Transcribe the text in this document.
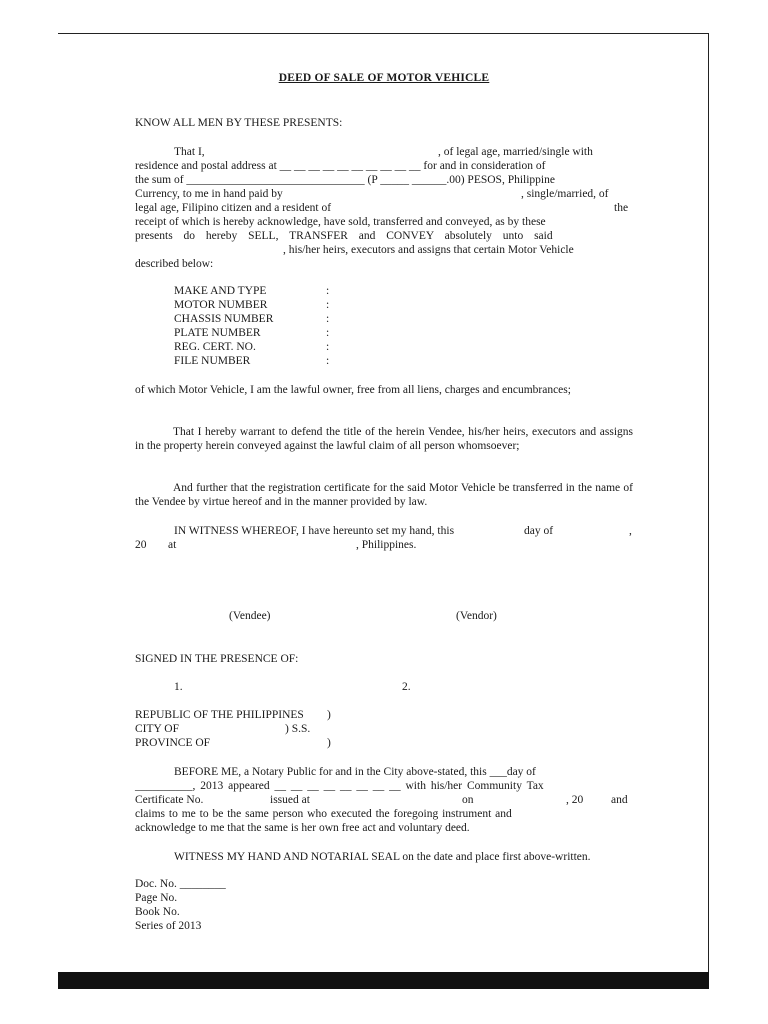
DEED OF SALE OF MOTOR VEHICLE
KNOW ALL MEN BY THESE PRESENTS:
That I,	, of legal age, married/single with
residence and postal address at __ __ __ __ __ __ __ __ __ __ for and in consideration of
the sum of _______________________________ (P _____ ______.00) PESOS, Philippine
Currency, to me in hand paid by	, single/married, of
legal age, Filipino citizen and a resident of	the
receipt of which is hereby acknowledge, have sold, transferred and conveyed, as by these
presents do hereby SELL, TRANSFER and CONVEY absolutely unto said
, his/her heirs, executors and assigns that certain Motor Vehicle
described below:
MAKE AND TYPE	:
MOTOR NUMBER	:
CHASSIS NUMBER	:
PLATE NUMBER	:
REG. CERT. NO.	:
FILE NUMBER	:
of which Motor Vehicle, I am the lawful owner, free from all liens, charges and encumbrances;
That I hereby warrant to defend the title of the herein Vendee, his/her heirs, executors and assigns in the property herein conveyed against the lawful claim of all person whomsoever;
And further that the registration certificate for the said Motor Vehicle be transferred in the name of the Vendee by virtue hereof and in the manner provided by law.
IN WITNESS WHEREOF, I have hereunto set my hand, this	day of	,
20 at	, Philippines.
(Vendee)	(Vendor)
SIGNED IN THE PRESENCE OF:
1.	2.
REPUBLIC OF THE PHILIPPINES )
CITY OF	) S.S.
PROVINCE OF	)
BEFORE ME, a Notary Public for and in the City above-stated, this ___day of
__________, 2013 appeared __ __ __ __ __ __ __ __ with his/her Community Tax
Certificate No.	issued at	on	, 20 and
claims to me to be the same person who executed the foregoing instrument and
acknowledge to me that the same is her own free act and voluntary deed.
WITNESS MY HAND AND NOTARIAL SEAL on the date and place first above-written.
Doc. No. ________
Page No.
Book No.
Series of 2013
